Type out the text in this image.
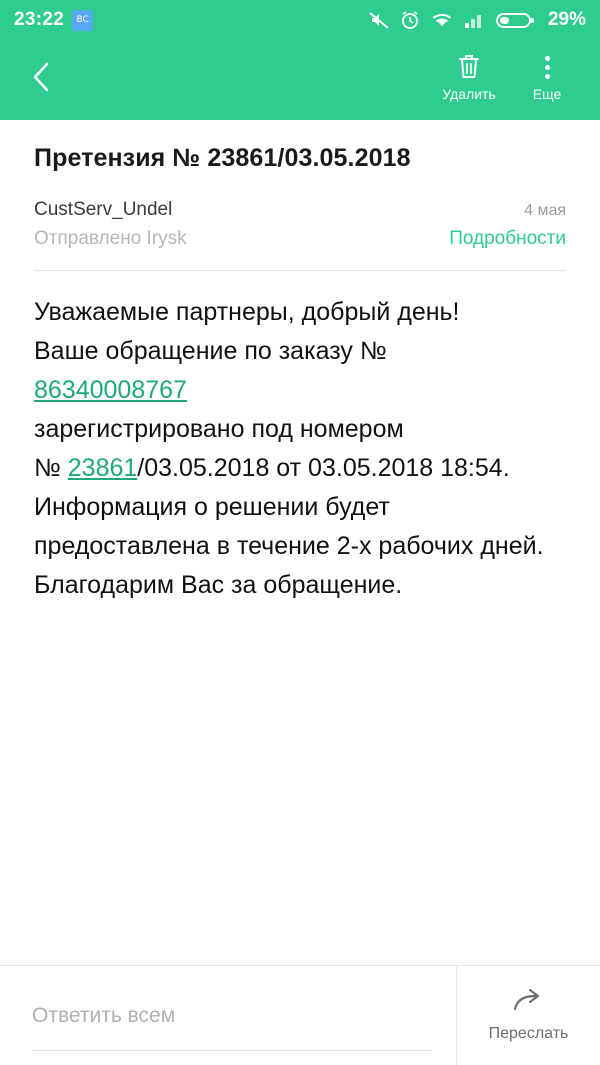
23:22	BC	29%
Удалить	Еще
Претензия № 23861/03.05.2018
CustServ_Undel	4 мая
Отправлено Irysk	Подробности
Уважаемые партнеры, добрый день!
Ваше обращение по заказу №
86340008767
зарегистрировано под номером
№ 23861/03.05.2018 от 03.05.2018 18:54.
Информация о решении будет предоставлена в течение 2-х рабочих дней.
Благодарим Вас за обращение.
Ответить всем
Переслать
